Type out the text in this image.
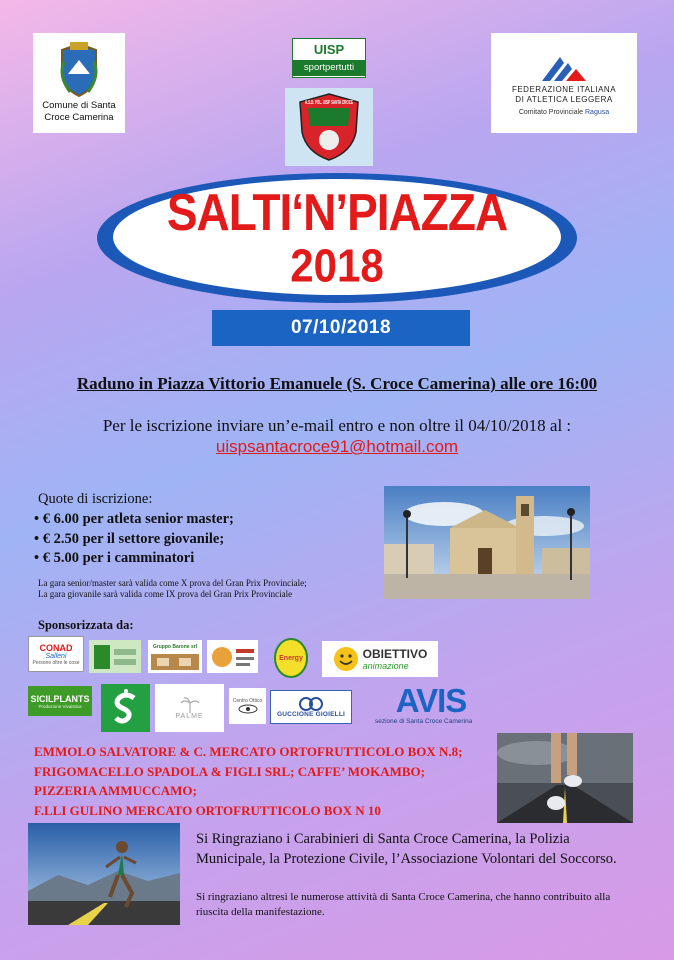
Comune di Santa Croce Camerina
UISP
sportpertutti
A.S.D. POL. UISP SANTA CROCE
FEDERAZIONE ITALIANA
DI ATLETICA LEGGERA
Comitato Provinciale Ragusa
SALTI‘N’PIAZZA
2018
07/10/2018
Raduno in Piazza Vittorio Emanuele (S. Croce Camerina) alle ore 16:00
Per le iscrizione inviare un’e-mail entro e non oltre il 04/10/2018 al :
uispsantacroce91@hotmail.com
Quote di iscrizione:
• € 6.00 per atleta senior master;
• € 2.50 per il settore giovanile;
• € 5.00 per i camminatori
La gara senior/master sarà valida come X prova del Gran Prix Provinciale;
La gara giovanile sarà valida come IX prova del Gran Prix Provinciale
Sponsorizzata da:
CONAD
Salleni
Persone oltre le cose
Gruppo Barone srl
Energy	OBIETTIVO
animazione
SICILPLANTS
Produzione Vivaistica
PALME
Centro Ottico
GUCCIONE GIOIELLI AVIS
sezione di Santa Croce Camerina
EMMOLO SALVATORE & C. MERCATO ORTOFRUTTICOLO BOX N.8;
FRIGOMACELLO SPADOLA & FIGLI SRL; CAFFE’ MOKAMBO;
PIZZERIA AMMUCCAMO;
F.LLI GULINO MERCATO ORTOFRUTTICOLO BOX N 10
Si Ringraziano i Carabinieri di Santa Croce Camerina, la Polizia Municipale, la Protezione Civile, l’Associazione Volontari del Soccorso.
Si ringraziano altresì le numerose attività di Santa Croce Camerina, che hanno contribuito alla riuscita della manifestazione.
